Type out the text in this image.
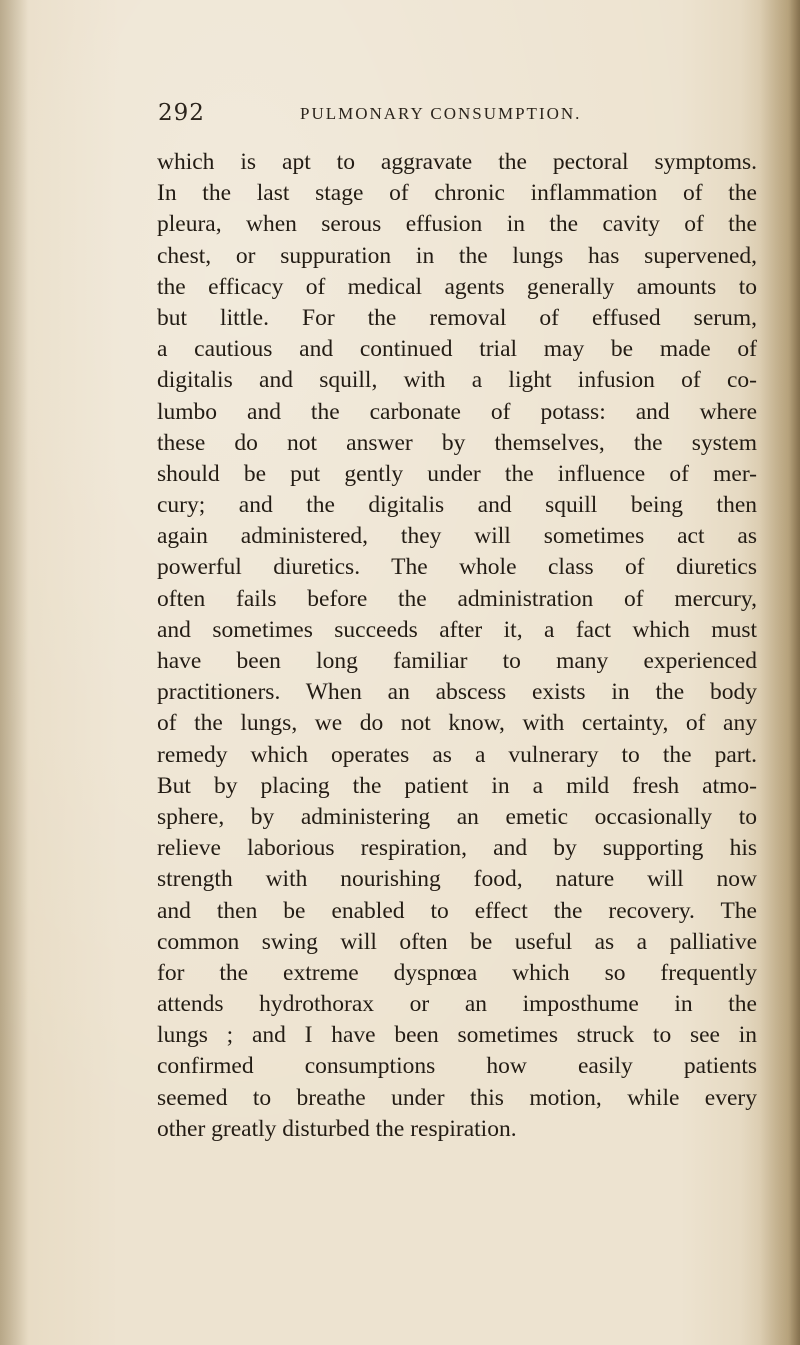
292	PULMONARY CONSUMPTION.
which is apt to aggravate the pectoral symptoms.
In the last stage of chronic inflammation of the
pleura, when serous effusion in the cavity of the
chest, or suppuration in the lungs has supervened,
the efficacy of medical agents generally amounts to
but little. For the removal of effused serum,
a cautious and continued trial may be made of
digitalis and squill, with a light infusion of co-
lumbo and the carbonate of potass: and where
these do not answer by themselves, the system
should be put gently under the influence of mer-
cury; and the digitalis and squill being then
again administered, they will sometimes act as
powerful diuretics. The whole class of diuretics
often fails before the administration of mercury,
and sometimes succeeds after it, a fact which must
have been long familiar to many experienced
practitioners. When an abscess exists in the body
of the lungs, we do not know, with certainty, of any
remedy which operates as a vulnerary to the part.
But by placing the patient in a mild fresh atmo-
sphere, by administering an emetic occasionally to
relieve laborious respiration, and by supporting his
strength with nourishing food, nature will now
and then be enabled to effect the recovery. The
common swing will often be useful as a palliative
for the extreme dyspnœa which so frequently
attends hydrothorax or an imposthume in the
lungs ; and I have been sometimes struck to see in
confirmed consumptions how easily patients
seemed to breathe under this motion, while every
other greatly disturbed the respiration.
